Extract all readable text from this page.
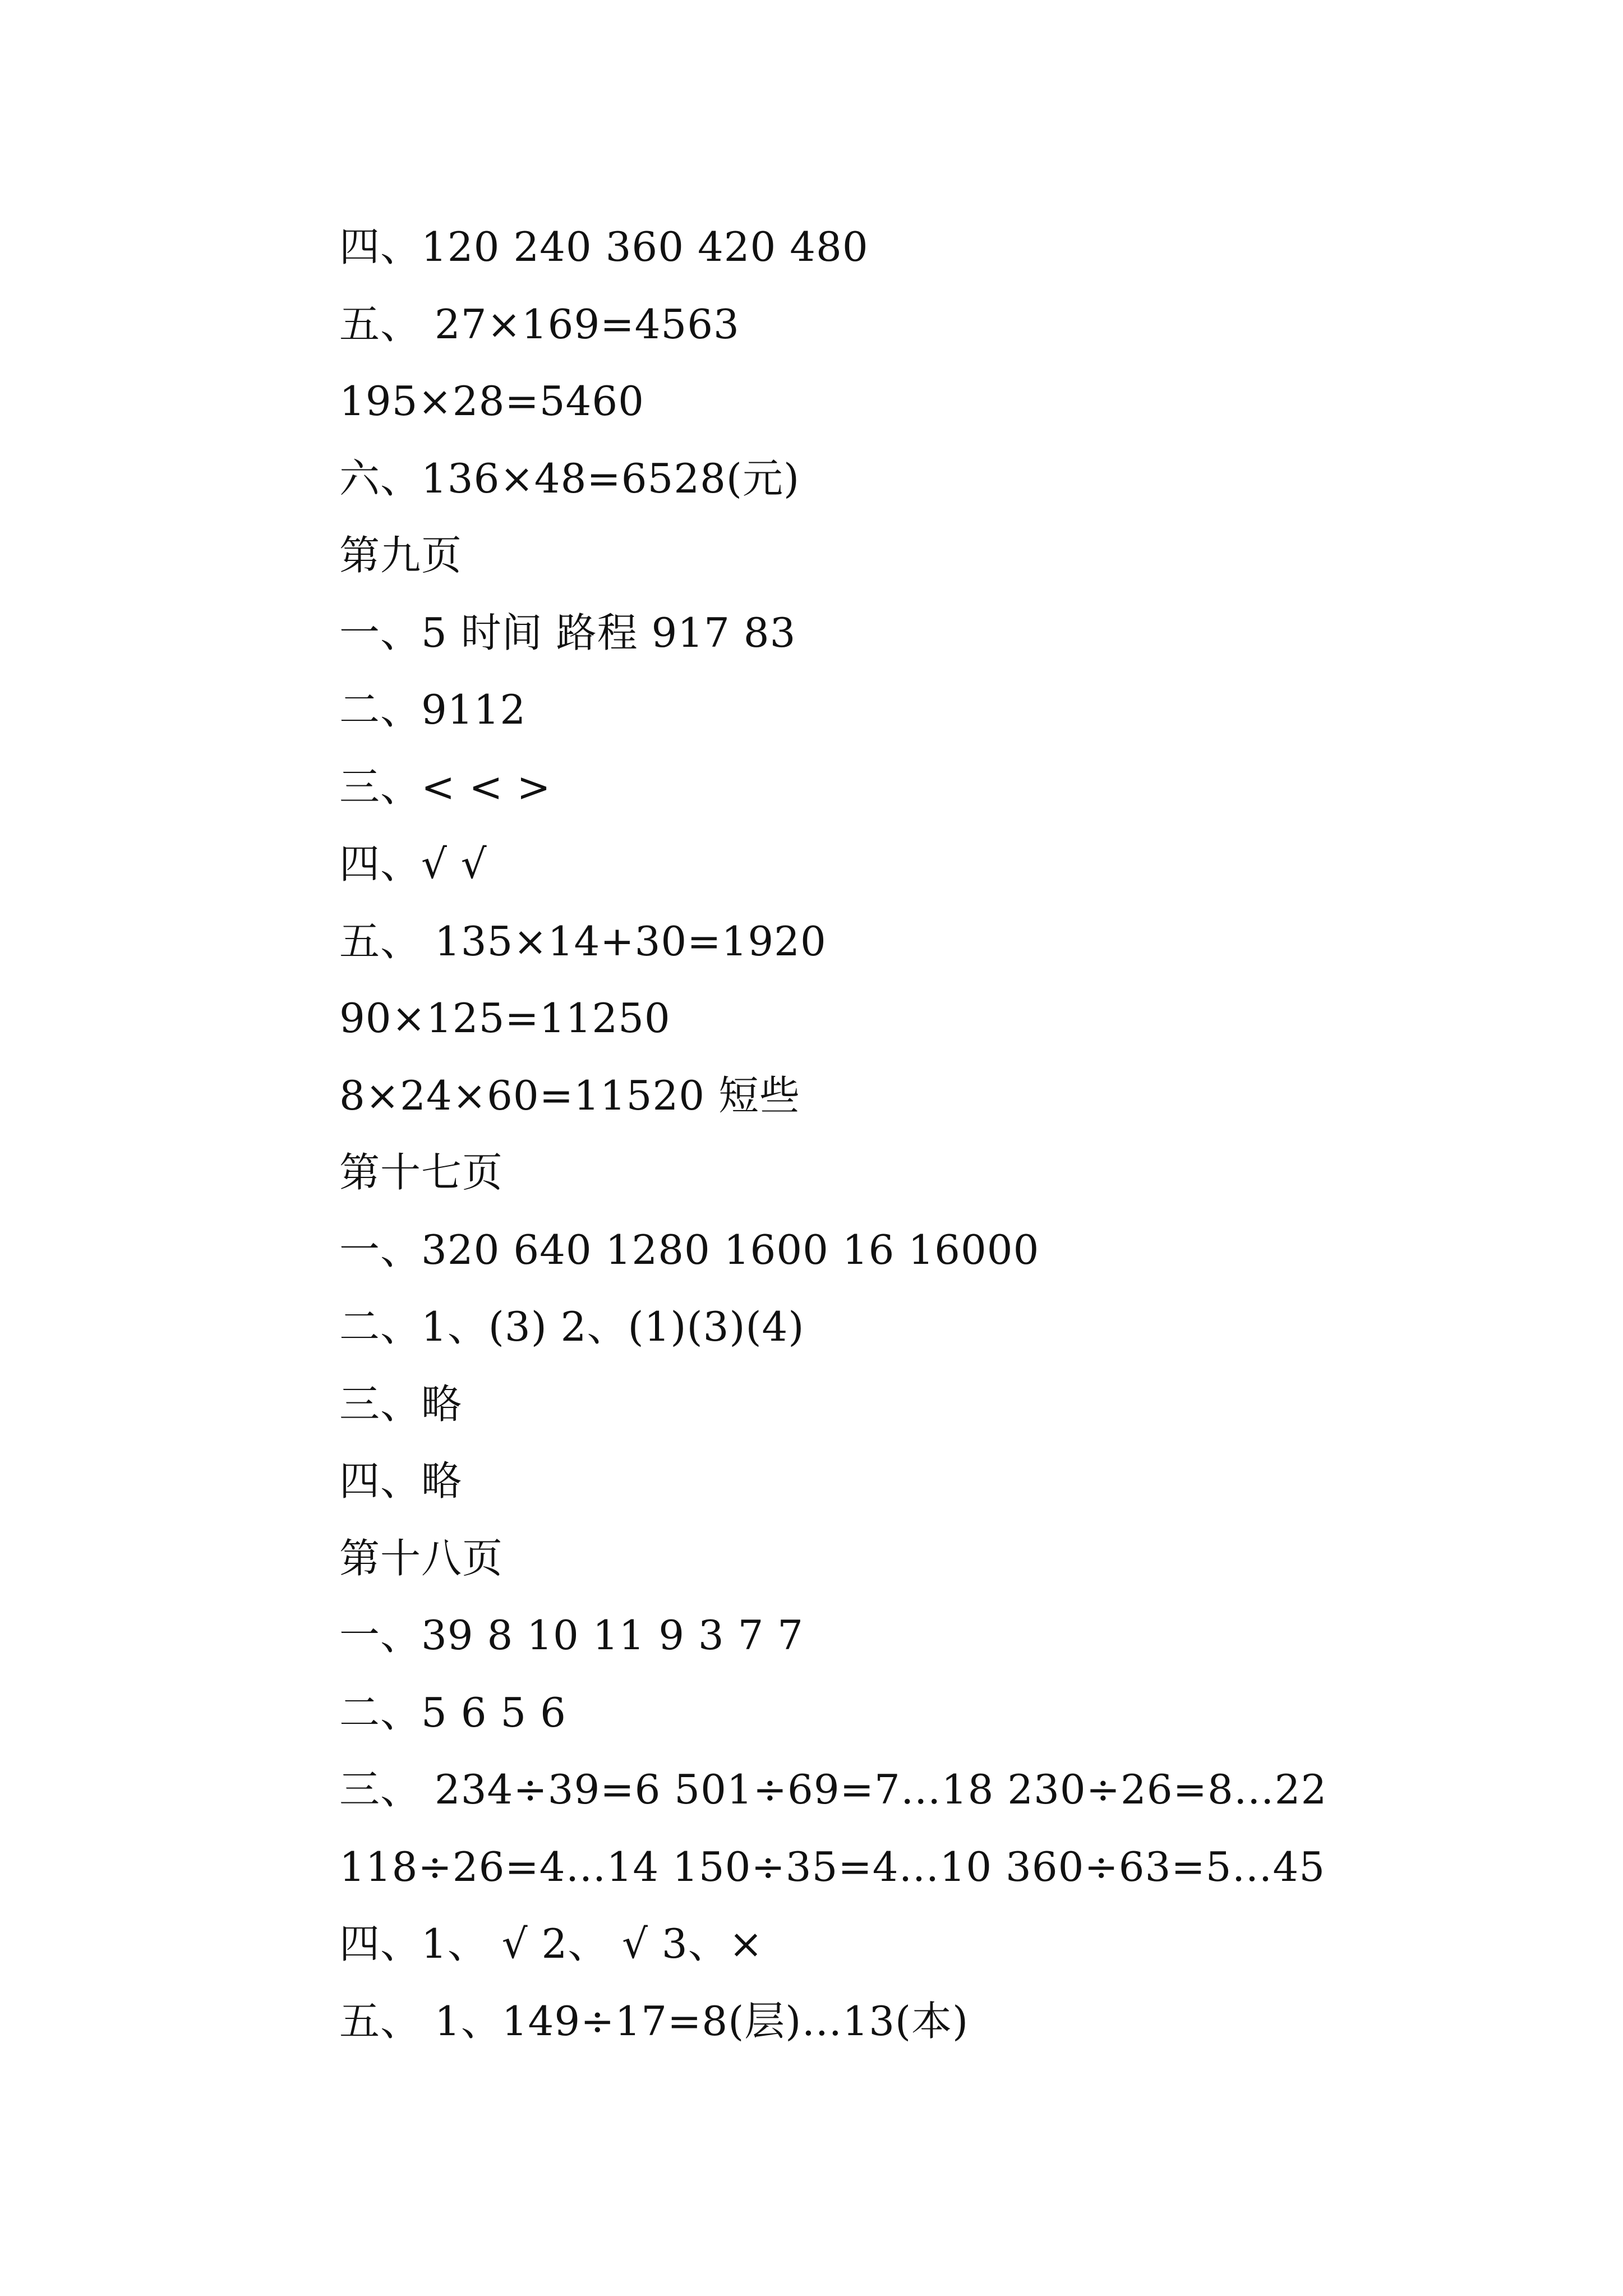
四、120 240 360 420 480
五、 27×169=4563
195×28=5460
六、136×48=6528(元)
第九页
一、5 时间 路程 917 83
二、9112
三、< < >
四、√ √
五、 135×14+30=1920
90×125=11250
8×24×60=11520 短些
第十七页
一、320 640 1280 1600 16 16000
二、1、(3) 2、(1)(3)(4)
三、略
四、略
第十八页
一、39 8 10 11 9 3 7 7
二、5 6 5 6
三、 234÷39=6 501÷69=7…18 230÷26=8…22
118÷26=4…14 150÷35=4…10 360÷63=5…45
四、1、 √ 2、 √ 3、×
五、 1、149÷17=8(层)…13(本)
